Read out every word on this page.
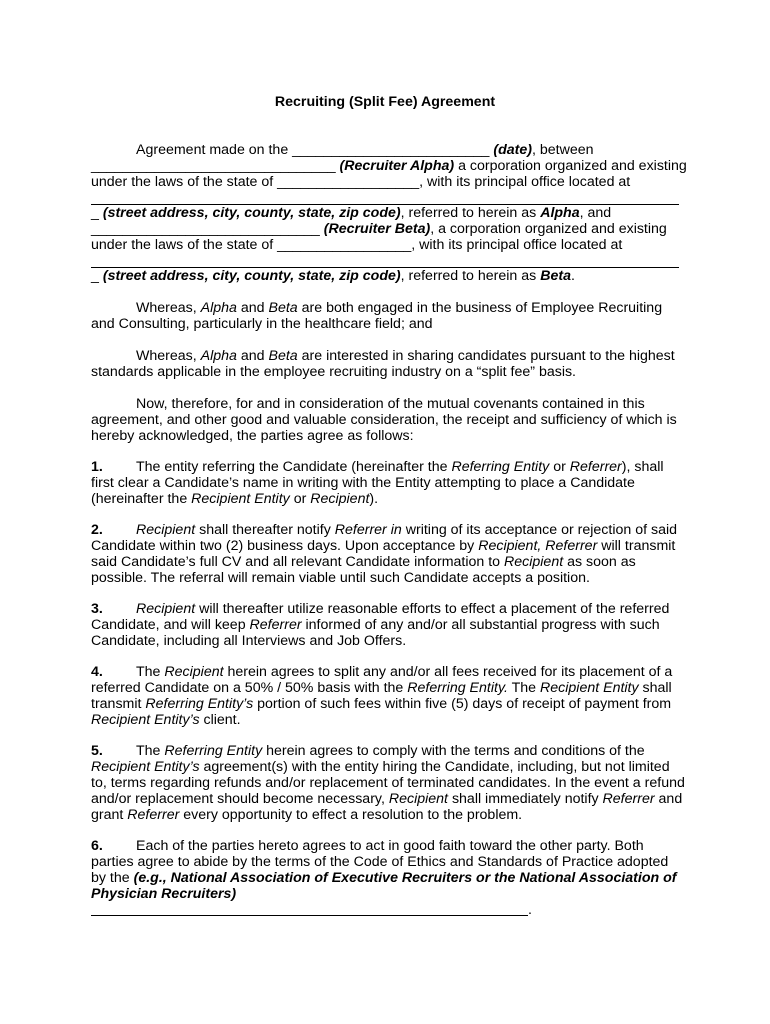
Recruiting (Split Fee) Agreement
Agreement made on the _________________________ (date), between
_______________________________ (Recruiter Alpha) a corporation organized and existing
under the laws of the state of __________________, with its principal office located at
_ (street address, city, county, state, zip code), referred to herein as Alpha, and
_____________________________ (Recruiter Beta), a corporation organized and existing
under the laws of the state of _________________, with its principal office located at
_ (street address, city, county, state, zip code), referred to herein as Beta.
Whereas, Alpha and Beta are both engaged in the business of Employee Recruiting
and Consulting, particularly in the healthcare field; and
Whereas, Alpha and Beta are interested in sharing candidates pursuant to the highest
standards applicable in the employee recruiting industry on a “split fee” basis.
Now, therefore, for and in consideration of the mutual covenants contained in this
agreement, and other good and valuable consideration, the receipt and sufficiency of which is
hereby acknowledged, the parties agree as follows:
1. The entity referring the Candidate (hereinafter the Referring Entity or Referrer), shall
first clear a Candidate’s name in writing with the Entity attempting to place a Candidate
(hereinafter the Recipient Entity or Recipient).
2. Recipient shall thereafter notify Referrer in writing of its acceptance or rejection of said
Candidate within two (2) business days. Upon acceptance by Recipient, Referrer will transmit
said Candidate’s full CV and all relevant Candidate information to Recipient as soon as
possible. The referral will remain viable until such Candidate accepts a position.
3. Recipient will thereafter utilize reasonable efforts to effect a placement of the referred
Candidate, and will keep Referrer informed of any and/or all substantial progress with such
Candidate, including all Interviews and Job Offers.
4. The Recipient herein agrees to split any and/or all fees received for its placement of a
referred Candidate on a 50% / 50% basis with the Referring Entity. The Recipient Entity shall
transmit Referring Entity’s portion of such fees within five (5) days of receipt of payment from
Recipient Entity’s client.
5. The Referring Entity herein agrees to comply with the terms and conditions of the
Recipient Entity’s agreement(s) with the entity hiring the Candidate, including, but not limited
to, terms regarding refunds and/or replacement of terminated candidates. In the event a refund
and/or replacement should become necessary, Recipient shall immediately notify Referrer and
grant Referrer every opportunity to effect a resolution to the problem.
6. Each of the parties hereto agrees to act in good faith toward the other party. Both
parties agree to abide by the terms of the Code of Ethics and Standards of Practice adopted
by the (e.g., National Association of Executive Recruiters or the National Association of
Physician Recruiters)
.
